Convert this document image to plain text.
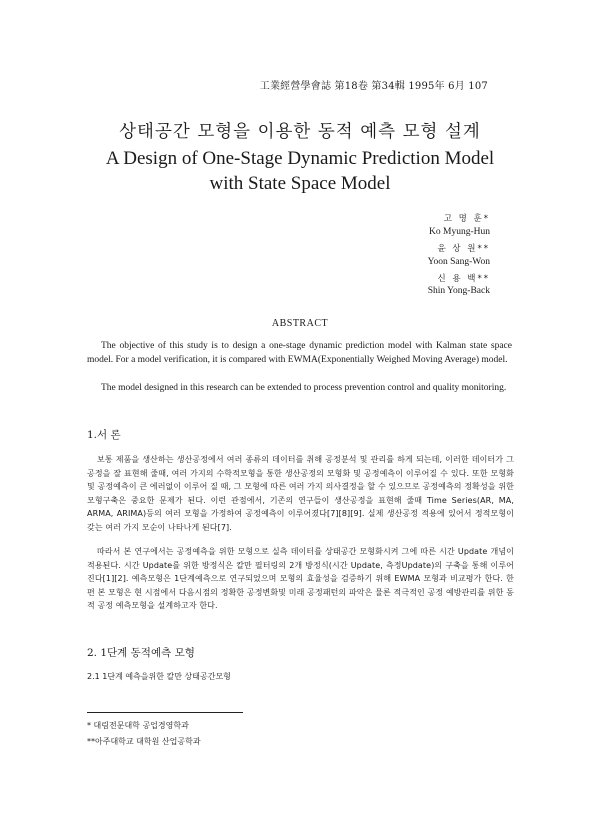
工業經營學會誌 第18卷 第34輯 1995年 6月 107
상태공간 모형을 이용한 동적 예측 모형 설계
A Design of One-Stage Dynamic Prediction Model
with State Space Model
고 명 훈*
Ko Myung-Hun
윤 상 원**
Yoon Sang-Won
신 용 백**
Shin Yong-Back
ABSTRACT
The objective of this study is to design a one-stage dynamic prediction model with Kalman state space model. For a model verification, it is compared with EWMA(Exponentially Weighed Moving Average) model.
The model designed in this research can be extended to process prevention control and quality monitoring.
1.서 론
보통 제품을 생산하는 생산공정에서 여러 종류의 데이터를 취해 공정분석 및 관리를 하게 되는데, 이러한 데이터가 그 공정을 잘 표현해 줄때, 여러 가지의 수학적모형을 통한 생산공정의 모형화 및 공정예측이 이루어질 수 있다. 또한 모형화 및 공정예측이 큰 에러없이 이루어 질 때, 그 모형에 따른 여러 가지 의사결정을 할 수 있으므로 공정예측의 정확성을 위한 모형구축은 중요한 문제가 된다. 이런 관점에서, 기존의 연구들이 생산공정을 표현해 줄때 Time Series(AR, MA, ARMA, ARIMA)등의 여러 모형을 가정하여 공정예측이 이루어졌다[7][8][9]. 실제 생산공정 적용에 있어서 정적모형이 갖는 여러 가지 모순이 나타나게 된다[7].
따라서 본 연구에서는 공정예측을 위한 모형으로 실측 데이터를 상태공간 모형화시켜 그에 따른 시간 Update 개념이 적용된다. 시간 Update를 위한 방정식은 칼만 필터링의 2개 방정식(시간 Update, 측정Update)의 구축을 통해 이루어 진다[1][2]. 예측모형은 1단계예측으로 연구되었으며 모형의 효율성을 검증하기 위해 EWMA 모형과 비교평가 한다. 한편 본 모형은 현 시점에서 다음시점의 정확한 공정변화및 미래 공정패턴의 파악은 물론 적극적인 공정 예방관리를 위한 동적 공정 예측모형을 설계하고자 한다.
2. 1단계 동적예측 모형
2.1 1단계 예측을위한 칼만 상태공간모형
* 대림전문대학 공업경영학과
**아주대학교 대학원 산업공학과
